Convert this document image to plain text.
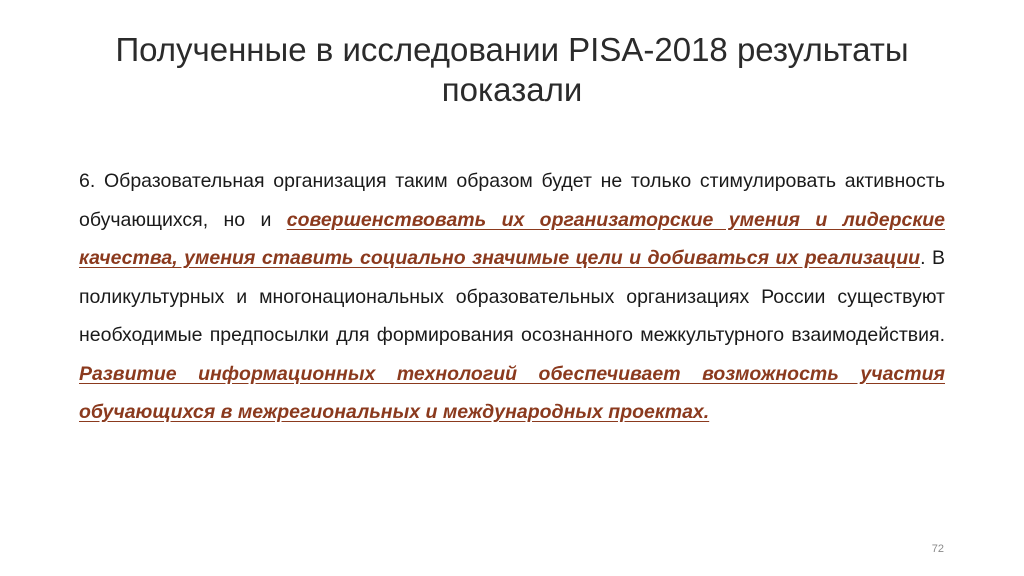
Полученные в исследовании PISA-2018 результаты показали

6. Образовательная организация таким образом будет не только стимулировать активность обучающихся, но и совершенствовать их организаторские умения и лидерские качества, умения ставить социально значимые цели и добиваться их реализации. В поликультурных и многонациональных образовательных организациях России существуют необходимые предпосылки для формирования осознанного межкультурного взаимодействия. Развитие информационных технологий обеспечивает возможность участия обучающихся в межрегиональных и международных проектах.

72
